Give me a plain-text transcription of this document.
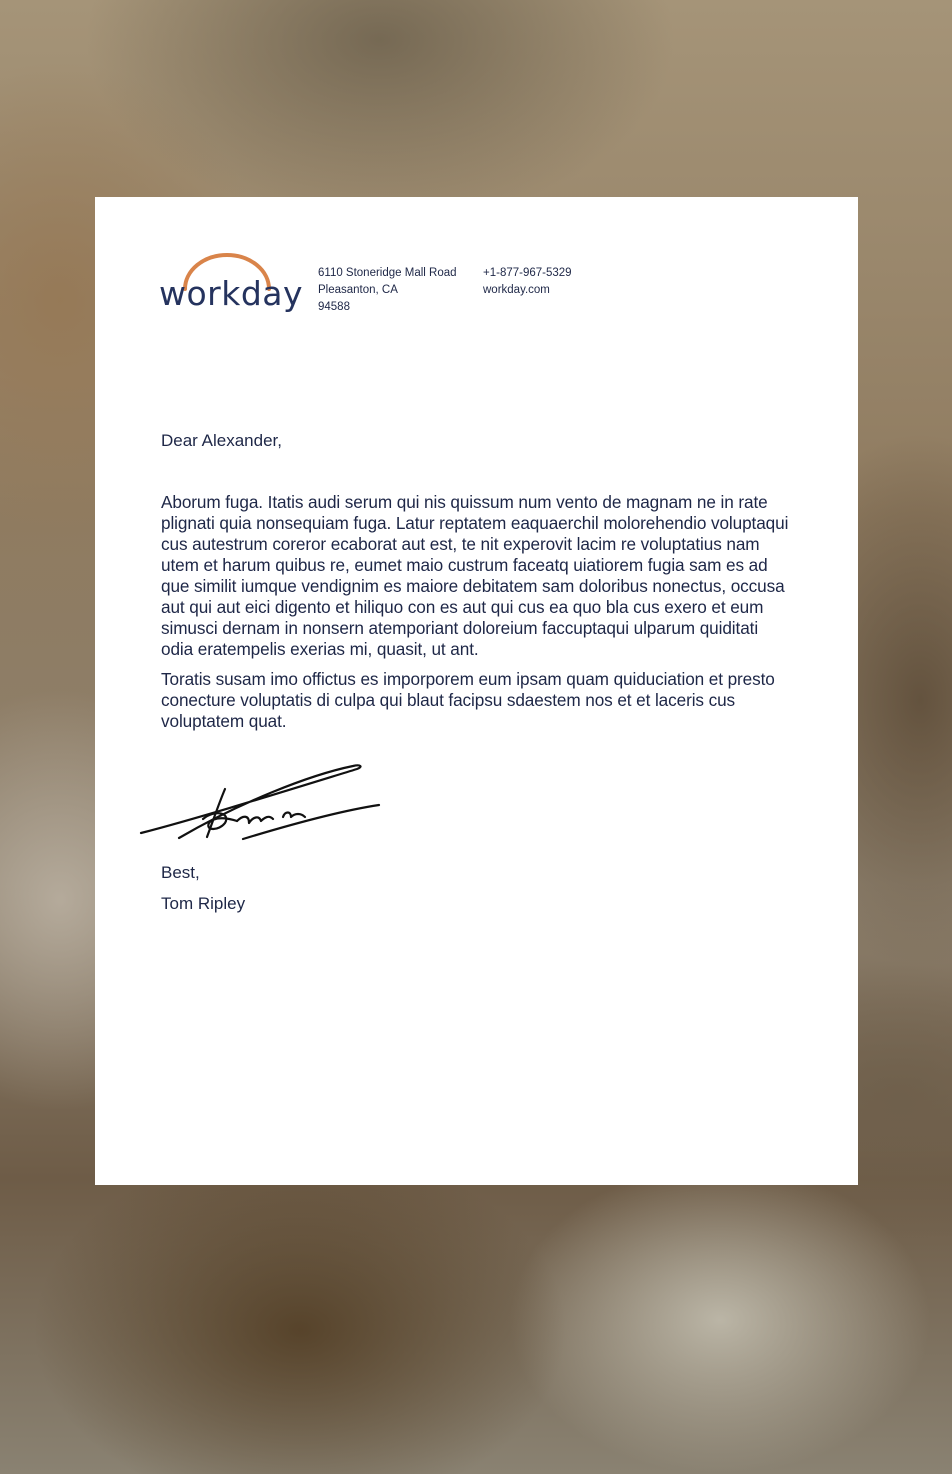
workday
6110 Stoneridge Mall Road
Pleasanton, CA
94588
+1-877-967-5329
workday.com
Dear Alexander,

Aborum fuga. Itatis audi serum qui nis quissum num vento de magnam ne in rate plignati quia nonsequiam fuga. Latur reptatem eaquaerchil molorehendio voluptaqui cus autestrum coreror ecaborat aut est, te nit experovit lacim re voluptatius nam utem et harum quibus re, eumet maio custrum faceatq uiatiorem fugia sam es ad que similit iumque vendignim es maiore debitatem sam doloribus nonectus, occusa aut qui aut eici digento et hiliquo con es aut qui cus ea quo bla cus exero et eum simusci dernam in nonsern atemporiant doloreium faccuptaqui ulparum quiditati odia eratempelis exerias mi, quasit, ut ant.

Toratis susam imo offictus es imporporem eum ipsam quam quiduciation et presto conecture voluptatis di culpa qui blaut facipsu sdaestem nos et et laceris cus voluptatem quat.

Best,
Tom Ripley
